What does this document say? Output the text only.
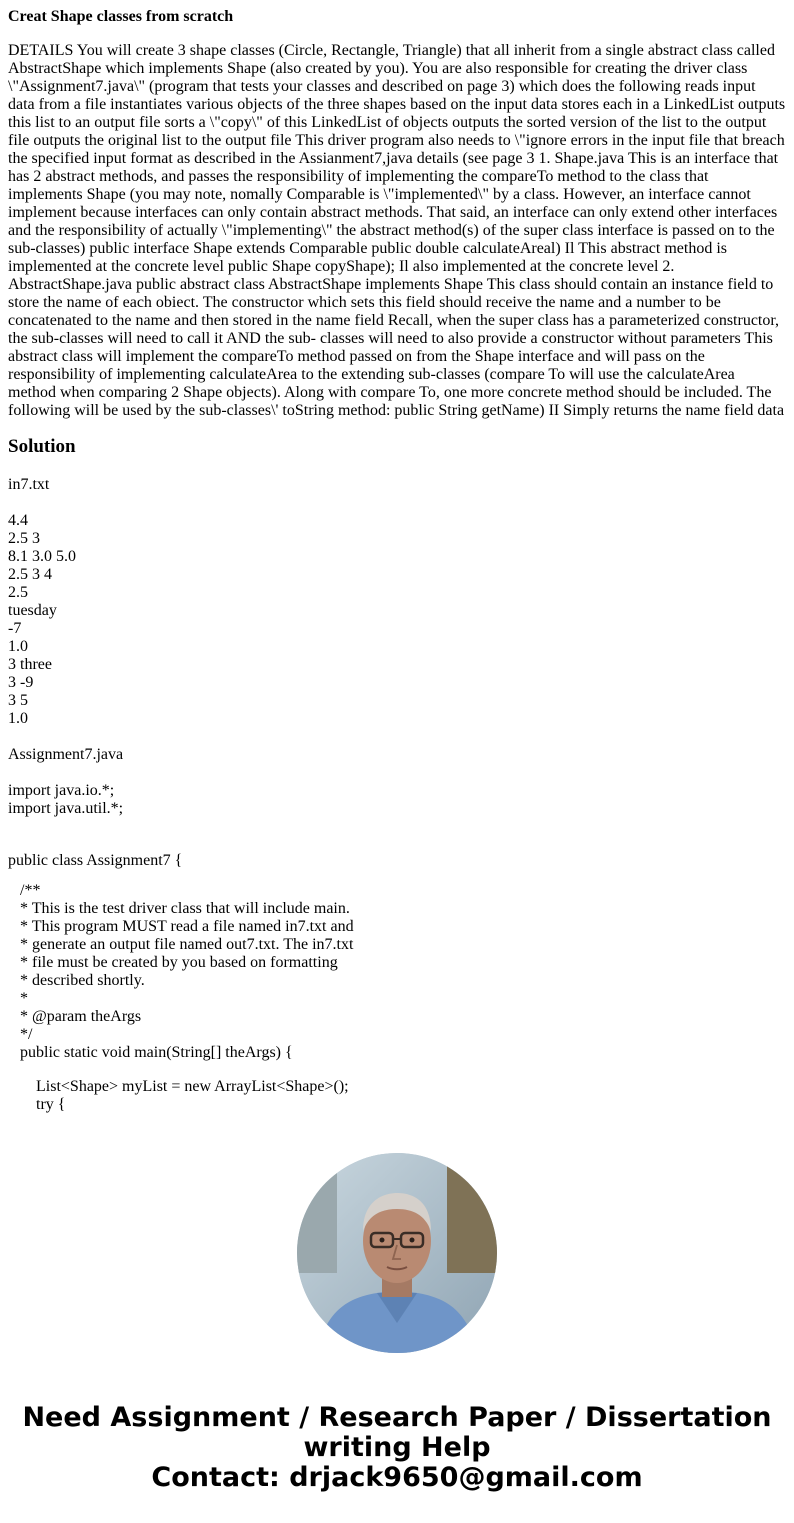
Creat Shape classes from scratch
DETAILS You will create 3 shape classes (Circle, Rectangle, Triangle) that all inherit from a single abstract class called AbstractShape which implements Shape (also created by you). You are also responsible for creating the driver class \"Assignment7.java\" (program that tests your classes and described on page 3) which does the following reads input data from a file instantiates various objects of the three shapes based on the input data stores each in a LinkedList outputs this list to an output file sorts a \"copy\" of this LinkedList of objects outputs the sorted version of the list to the output file outputs the original list to the output file This driver program also needs to \"ignore errors in the input file that breach the specified input format as described in the Assianment7,java details (see page 3 1. Shape.java This is an interface that has 2 abstract methods, and passes the responsibility of implementing the compareTo method to the class that implements Shape (you may note, nomally Comparable is \"implemented\" by a class. However, an interface cannot implement because interfaces can only contain abstract methods. That said, an interface can only extend other interfaces and the responsibility of actually \"implementing\" the abstract method(s) of the super class interface is passed on to the sub-classes) public interface Shape extends Comparable public double calculateAreal) Il This abstract method is implemented at the concrete level public Shape copyShape); Il also implemented at the concrete level 2. AbstractShape.java public abstract class AbstractShape implements Shape This class should contain an instance field to store the name of each obiect. The constructor which sets this field should receive the name and a number to be concatenated to the name and then stored in the name field Recall, when the super class has a parameterized constructor, the sub-classes will need to call it AND the sub- classes will need to also provide a constructor without parameters This abstract class will implement the compareTo method passed on from the Shape interface and will pass on the responsibility of implementing calculateArea to the extending sub-classes (compare To will use the calculateArea method when comparing 2 Shape objects). Along with compare To, one more concrete method should be included. The following will be used by the sub-classes\' toString method: public String getName) II Simply returns the name field data
Solution
in7.txt
4.4
2.5 3
8.1 3.0 5.0
2.5 3 4
2.5
tuesday
-7
1.0
3 three
3 -9
3 5
1.0
Assignment7.java
import java.io.*;
import java.util.*;
public class Assignment7 {
/**
* This is the test driver class that will include main.
* This program MUST read a file named in7.txt and
* generate an output file named out7.txt. The in7.txt
* file must be created by you based on formatting
* described shortly.
*
* @param theArgs
*/
public static void main(String[] theArgs) {
List<Shape> myList = new ArrayList<Shape>();
try {
Need Assignment / Research Paper / Dissertation
writing Help
Contact: drjack9650@gmail.com
